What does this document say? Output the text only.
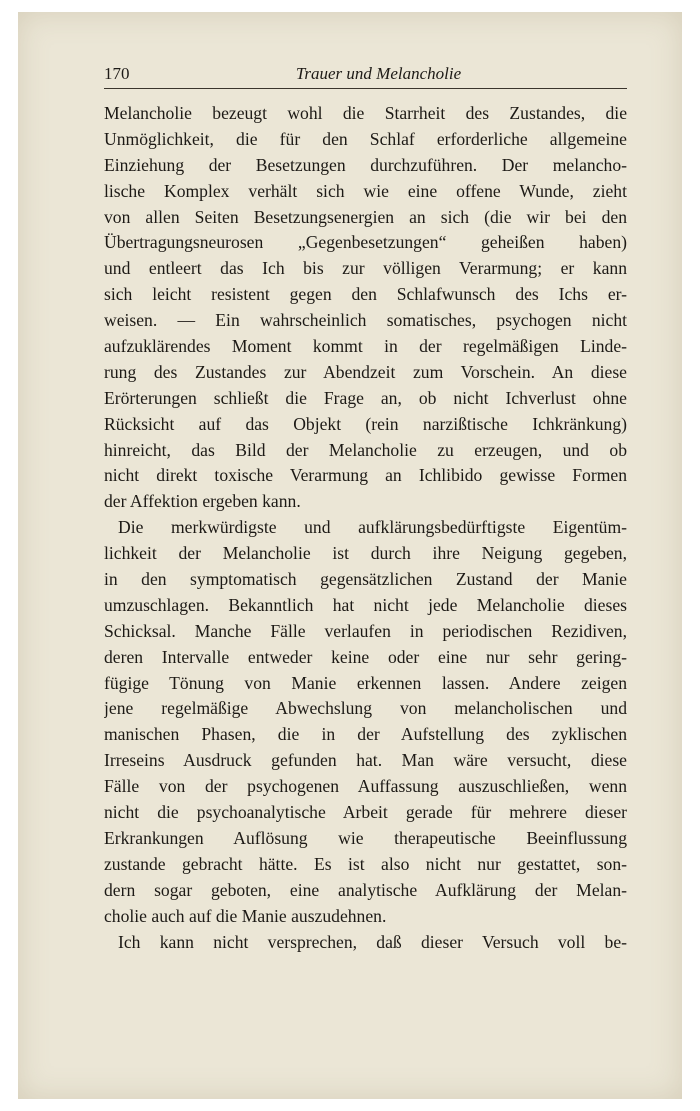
170	Trauer und Melancholie
Melancholie bezeugt wohl die Starrheit des Zustandes, die
Unmöglichkeit, die für den Schlaf erforderliche allgemeine
Einziehung der Besetzungen durchzuführen. Der melancho-
lische Komplex verhält sich wie eine offene Wunde, zieht
von allen Seiten Besetzungsenergien an sich (die wir bei den
Übertragungsneurosen „Gegenbesetzungen“ geheißen haben)
und entleert das Ich bis zur völligen Verarmung; er kann
sich leicht resistent gegen den Schlafwunsch des Ichs er-
weisen. — Ein wahrscheinlich somatisches, psychogen nicht
aufzuklärendes Moment kommt in der regelmäßigen Linde-
rung des Zustandes zur Abendzeit zum Vorschein. An diese
Erörterungen schließt die Frage an, ob nicht Ichverlust ohne
Rücksicht auf das Objekt (rein narzißtische Ichkränkung)
hinreicht, das Bild der Melancholie zu erzeugen, und ob
nicht direkt toxische Verarmung an Ichlibido gewisse Formen
der Affektion ergeben kann.
Die merkwürdigste und aufklärungsbedürftigste Eigentüm-
lichkeit der Melancholie ist durch ihre Neigung gegeben,
in den symptomatisch gegensätzlichen Zustand der Manie
umzuschlagen. Bekanntlich hat nicht jede Melancholie dieses
Schicksal. Manche Fälle verlaufen in periodischen Rezidiven,
deren Intervalle entweder keine oder eine nur sehr gering-
fügige Tönung von Manie erkennen lassen. Andere zeigen
jene regelmäßige Abwechslung von melancholischen und
manischen Phasen, die in der Aufstellung des zyklischen
Irreseins Ausdruck gefunden hat. Man wäre versucht, diese
Fälle von der psychogenen Auffassung auszuschließen, wenn
nicht die psychoanalytische Arbeit gerade für mehrere dieser
Erkrankungen Auflösung wie therapeutische Beeinflussung
zustande gebracht hätte. Es ist also nicht nur gestattet, son-
dern sogar geboten, eine analytische Aufklärung der Melan-
cholie auch auf die Manie auszudehnen.
Ich kann nicht versprechen, daß dieser Versuch voll be-
